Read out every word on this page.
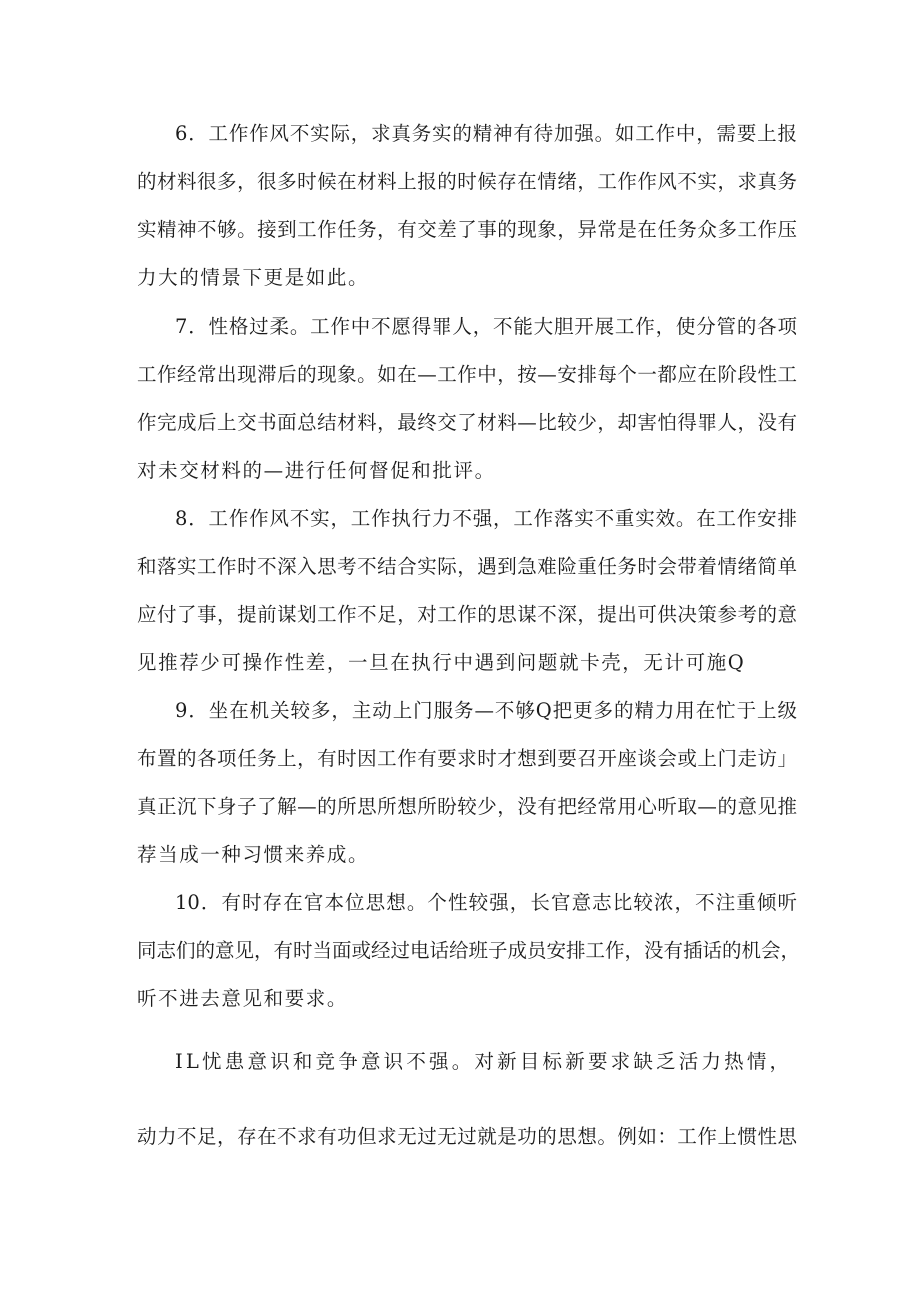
6．工作作风不实际，求真务实的精神有待加强。如工作中，需要上报
的材料很多，很多时候在材料上报的时候存在情绪，工作作风不实，求真务
实精神不够。接到工作任务，有交差了事的现象，异常是在任务众多工作压
力大的情景下更是如此。
7．性格过柔。工作中不愿得罪人，不能大胆开展工作，使分管的各项
工作经常出现滞后的现象。如在—工作中，按—安排每个一都应在阶段性工
作完成后上交书面总结材料，最终交了材料—比较少，却害怕得罪人，没有
对未交材料的—进行任何督促和批评。
8．工作作风不实，工作执行力不强，工作落实不重实效。在工作安排
和落实工作时不深入思考不结合实际，遇到急难险重任务时会带着情绪简单
应付了事，提前谋划工作不足，对工作的思谋不深，提出可供决策参考的意
见推荐少可操作性差，一旦在执行中遇到问题就卡壳，无计可施Q
9．坐在机关较多，主动上门服务—不够Q把更多的精力用在忙于上级
布置的各项任务上，有时因工作有要求时才想到要召开座谈会或上门走访」
真正沉下身子了解—的所思所想所盼较少，没有把经常用心听取—的意见推
荐当成一种习惯来养成。
10．有时存在官本位思想。个性较强，长官意志比较浓，不注重倾听
同志们的意见，有时当面或经过电话给班子成员安排工作，没有插话的机会，
听不进去意见和要求。
IL忧患意识和竞争意识不强。对新目标新要求缺乏活力热情，
动力不足，存在不求有功但求无过无过就是功的思想。例如：工作上惯性思
